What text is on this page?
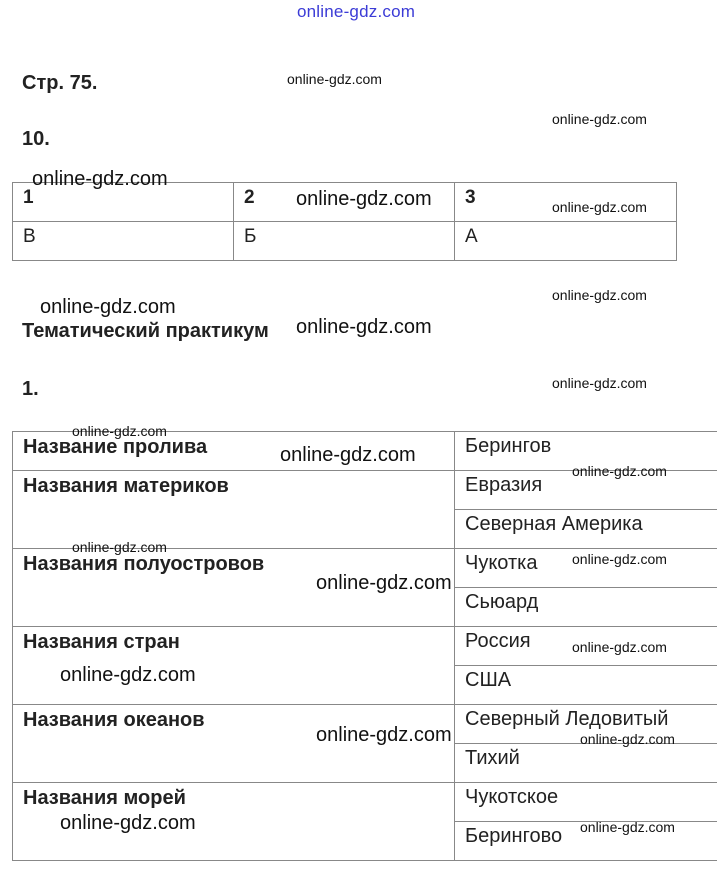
online-gdz.com
Стр. 75.
10.
1	2	3
В	Б	А
Тематический практикум
1.
Название пролива	Берингов
Названия материков	Евразия
	Северная Америка
Названия полуостровов	Чукотка
	Сьюард
Названия стран	Россия
	США
Названия океанов	Северный Ледовитый
	Тихий
Названия морей	Чукотское
	Берингово
online-gdz.com
online-gdz.com
online-gdz.com
online-gdz.com	online-gdz.com
online-gdz.com
online-gdz.com
online-gdz.com
online-gdz.com
online-gdz.com
online-gdz.com
online-gdz.com
online-gdz.com
online-gdz.com
online-gdz.com
online-gdz.com
online-gdz.com
online-gdz.com	online-gdz.com
online-gdz.com	online-gdz.com
